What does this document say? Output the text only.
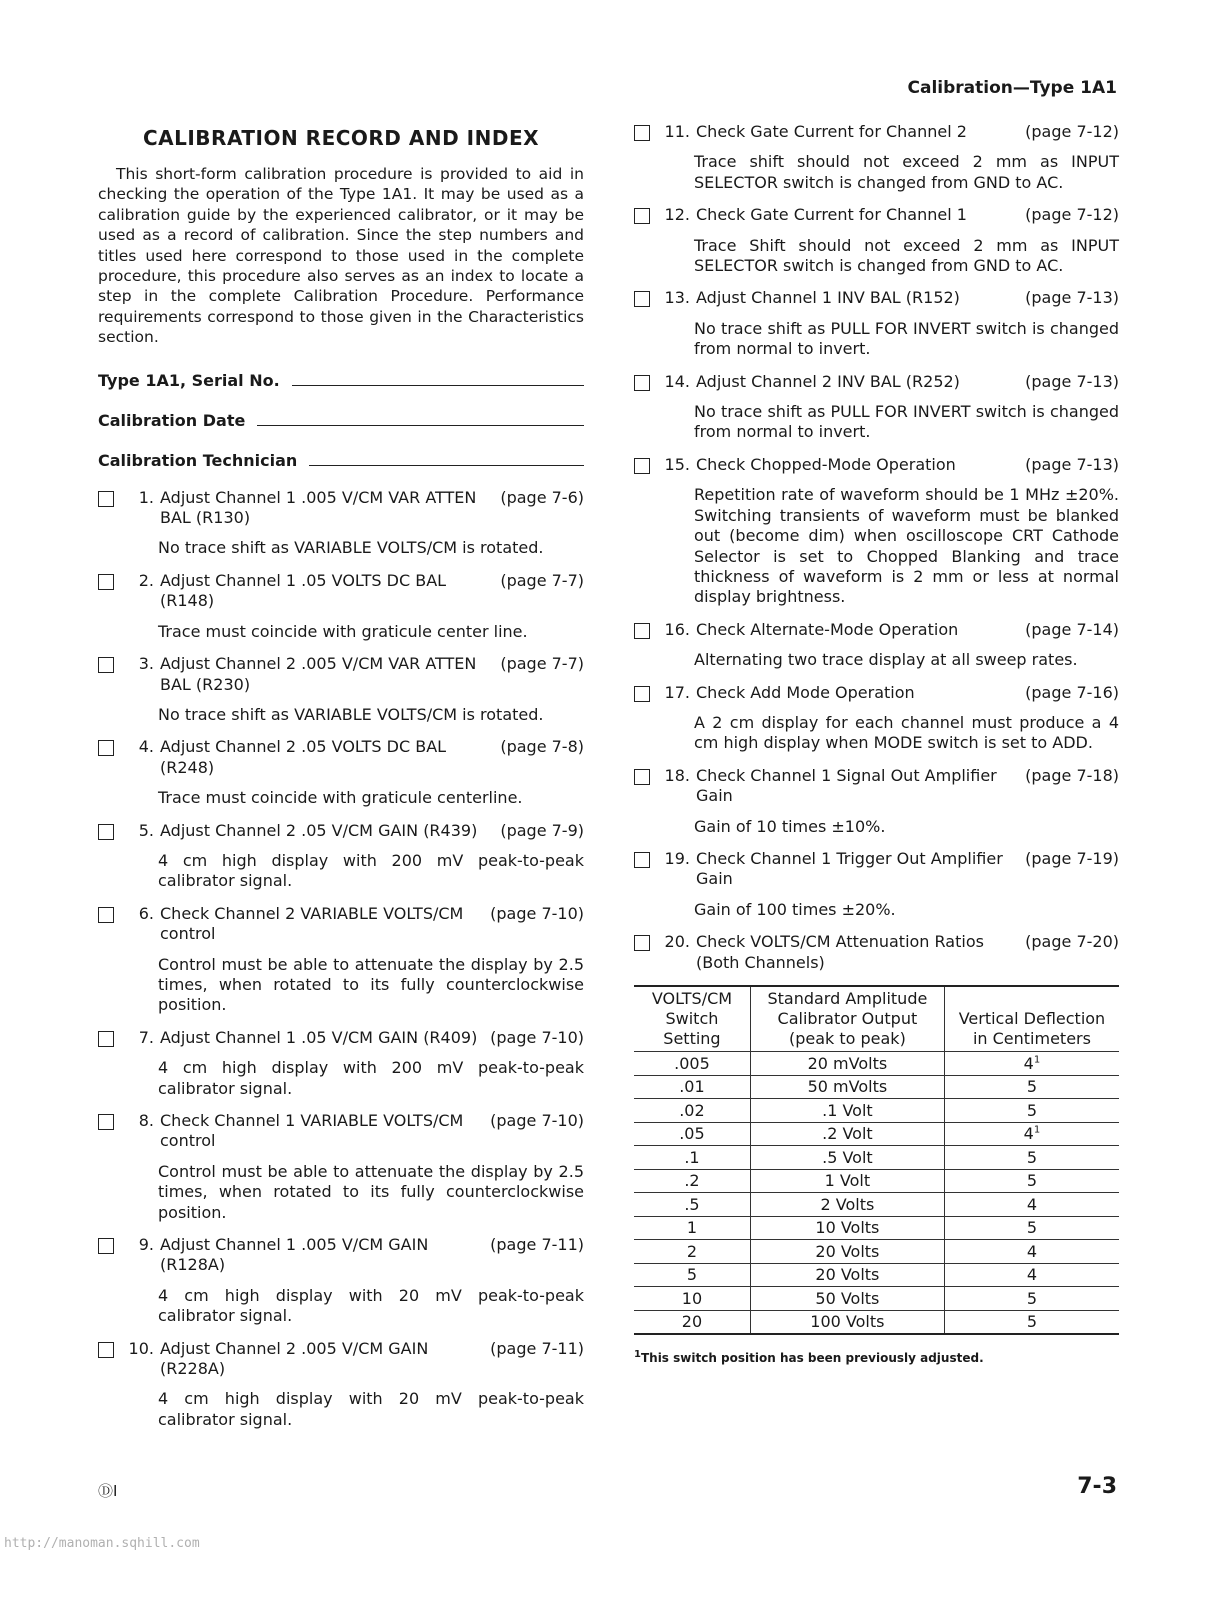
Calibration—Type 1A1
CALIBRATION RECORD AND INDEX

This short-form calibration procedure is provided to aid in checking the operation of the Type 1A1. It may be used as a calibration guide by the experienced calibrator, or it may be used as a record of calibration. Since the step numbers and titles used here correspond to those used in the complete procedure, this procedure also serves as an index to locate a step in the complete Calibration Procedure. Performance requirements correspond to those given in the Characteristics section.

Type 1A1, Serial No.
Calibration Date
Calibration Technician
1. Adjust Channel 1 .005 V/CM VAR ATTEN BAL (R130)
(page 7-6)
No trace shift as VARIABLE VOLTS/CM is rotated.
2. Adjust Channel 1 .05 VOLTS DC BAL (R148)
(page 7-7)
Trace must coincide with graticule center line.
3. Adjust Channel 2 .005 V/CM VAR ATTEN BAL (R230)
(page 7-7)
No trace shift as VARIABLE VOLTS/CM is rotated.
4. Adjust Channel 2 .05 VOLTS DC BAL (R248)
(page 7-8)
Trace must coincide with graticule centerline.
5. Adjust Channel 2 .05 V/CM GAIN (R439)	(page 7-9)
4 cm high display with 200 mV peak-to-peak calibrator signal.
6. Check Channel 2 VARIABLE VOLTS/CM control
(page 7-10)
Control must be able to attenuate the display by 2.5 times, when rotated to its fully counterclockwise position.
7. Adjust Channel 1 .05 V/CM GAIN (R409) (page 7-10)
4 cm high display with 200 mV peak-to-peak calibrator signal.
8. Check Channel 1 VARIABLE VOLTS/CM control
(page 7-10)
Control must be able to attenuate the display by 2.5 times, when rotated to its fully counterclockwise position.
9. Adjust Channel 1 .005 V/CM GAIN (R128A)
(page 7-11)
4 cm high display with 20 mV peak-to-peak calibrator signal.
10. Adjust Channel 2 .005 V/CM GAIN (R228A)
(page 7-11)
4 cm high display with 20 mV peak-to-peak calibrator signal.
11. Check Gate Current for Channel 2	(page 7-12)
Trace shift should not exceed 2 mm as INPUT SELECTOR switch is changed from GND to AC.
12. Check Gate Current for Channel 1	(page 7-12)
Trace Shift should not exceed 2 mm as INPUT SELECTOR switch is changed from GND to AC.
13. Adjust Channel 1 INV BAL (R152)	(page 7-13)
No trace shift as PULL FOR INVERT switch is changed from normal to invert.
14. Adjust Channel 2 INV BAL (R252)	(page 7-13)
No trace shift as PULL FOR INVERT switch is changed from normal to invert.
15. Check Chopped-Mode Operation	(page 7-13)
Repetition rate of waveform should be 1 MHz ±20%. Switching transients of waveform must be blanked out (become dim) when oscilloscope CRT Cathode Selector is set to Chopped Blanking and trace thickness of waveform is 2 mm or less at normal display brightness.
16. Check Alternate-Mode Operation	(page 7-14)
Alternating two trace display at all sweep rates.
17. Check Add Mode Operation	(page 7-16)
A 2 cm display for each channel must produce a 4 cm high display when MODE switch is set to ADD.
18. Check Channel 1 Signal Out Amplifier Gain
(page 7-18)
Gain of 10 times ±10%.
19. Check Channel 1 Trigger Out Amplifier Gain
(page 7-19)
Gain of 100 times ±20%.
20. Check VOLTS/CM Attenuation Ratios (Both Channels)
(page 7-20)
VOLTS/CM Switch Setting	Standard Amplitude Calibrator Output (peak to peak)	Vertical Deflection in Centimeters
.005	20 mVolts	$4^1$
.01	50 mVolts	5
.02	.1 Volt	5
.05	.2 Volt	$4^1$
.1	.5 Volt	5
.2	1 Volt	5
.5	2 Volts	4
1	10 Volts	5
2	20 Volts	4
5	20 Volts	4
10	50 Volts	5
20	100 Volts	5
$^1$This switch position has been previously adjusted.
ⒹⅠ	7-3
http://manoman.sqhill.com
